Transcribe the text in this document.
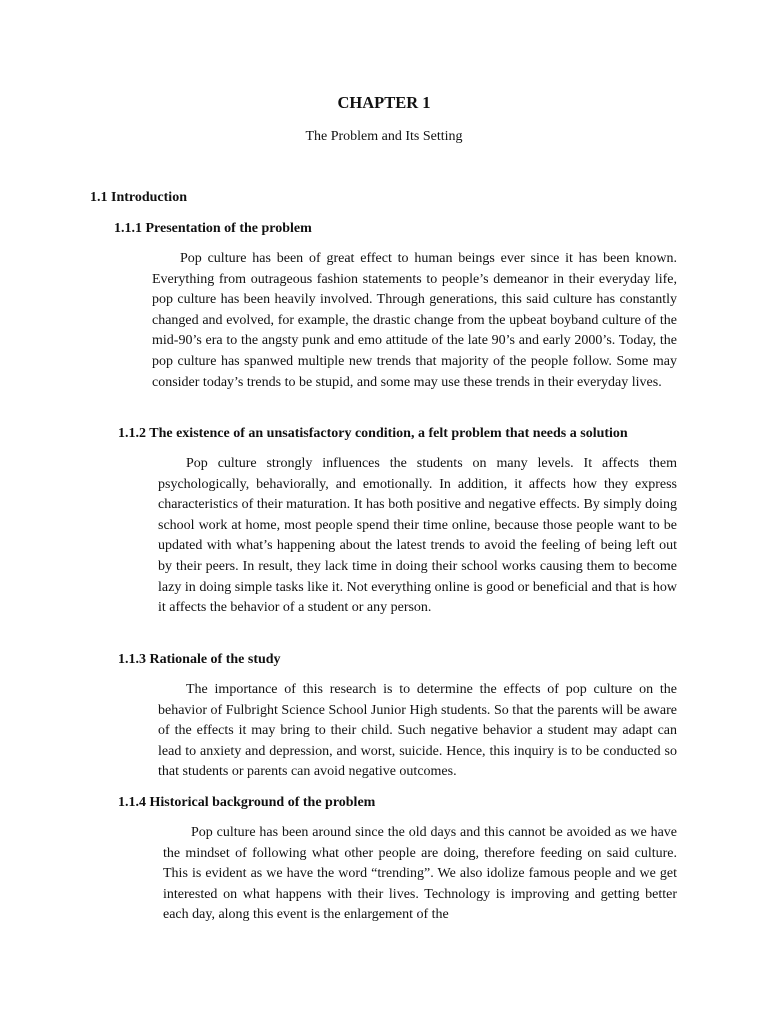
CHAPTER 1
The Problem and Its Setting
1.1 Introduction
1.1.1 Presentation of the problem

Pop culture has been of great effect to human beings ever since it has been known. Everything from outrageous fashion statements to people’s demeanor in their everyday life, pop culture has been heavily involved. Through generations, this said culture has constantly changed and evolved, for example, the drastic change from the upbeat boyband culture of the mid-90’s era to the angsty punk and emo attitude of the late 90’s and early 2000’s. Today, the pop culture has spanwed multiple new trends that majority of the people follow. Some may consider today’s trends to be stupid, and some may use these trends in their everyday lives.

1.1.2 The existence of an unsatisfactory condition, a felt problem that needs a solution

Pop culture strongly influences the students on many levels. It affects them psychologically, behaviorally, and emotionally. In addition, it affects how they express characteristics of their maturation. It has both positive and negative effects. By simply doing school work at home, most people spend their time online, because those people want to be updated with what’s happening about the latest trends to avoid the feeling of being left out by their peers. In result, they lack time in doing their school works causing them to become lazy in doing simple tasks like it. Not everything online is good or beneficial and that is how it affects the behavior of a student or any person.

1.1.3 Rationale of the study

The importance of this research is to determine the effects of pop culture on the behavior of Fulbright Science School Junior High students. So that the parents will be aware of the effects it may bring to their child. Such negative behavior a student may adapt can lead to anxiety and depression, and worst, suicide. Hence, this inquiry is to be conducted so that students or parents can avoid negative outcomes.

1.1.4 Historical background of the problem

Pop culture has been around since the old days and this cannot be avoided as we have the mindset of following what other people are doing, therefore feeding on said culture. This is evident as we have the word “trending”. We also idolize famous people and we get interested on what happens with their lives. Technology is improving and getting better each day, along this event is the enlargement of the
